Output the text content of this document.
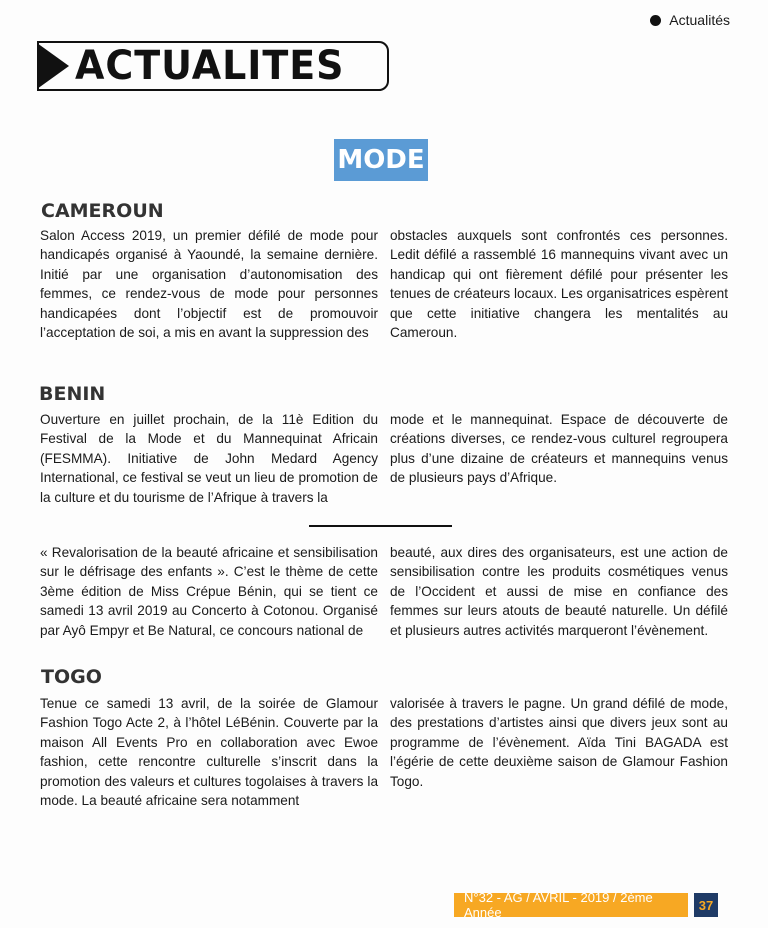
Actualités
ACTUALITES
MODE
CAMEROUN

Salon Access 2019, un premier défilé de mode pour handicapés organisé à Yaoundé, la semaine dernière. Initié par une organisation d’autonomisation des femmes, ce rendez-vous de mode pour personnes handicapées dont l’objectif est de promouvoir l’acceptation de soi, a mis en avant la suppression des

obstacles auxquels sont confrontés ces personnes. Ledit défilé a rassemblé 16 mannequins vivant avec un handicap qui ont fièrement défilé pour présenter les tenues de créateurs locaux. Les organisatrices espèrent que cette initiative changera les mentalités au Cameroun.

BENIN

Ouverture en juillet prochain, de la 11è Edition du Festival de la Mode et du Mannequinat Africain (FESMMA). Initiative de John Medard Agency International, ce festival se veut un lieu de promotion de la culture et du tourisme de l’Afrique à travers la

mode et le mannequinat. Espace de découverte de créations diverses, ce rendez-vous culturel regroupera plus d’une dizaine de créateurs et mannequins venus de plusieurs pays d’Afrique.

« Revalorisation de la beauté africaine et sensibilisation sur le défrisage des enfants ». C’est le thème de cette 3ème édition de Miss Crépue Bénin, qui se tient ce samedi 13 avril 2019 au Concerto à Cotonou. Organisé par Ayô Empyr et Be Natural, ce concours national de

beauté, aux dires des organisateurs, est une action de sensibilisation contre les produits cosmétiques venus de l’Occident et aussi de mise en confiance des femmes sur leurs atouts de beauté naturelle. Un défilé et plusieurs autres activités marqueront l’évènement.

TOGO

Tenue ce samedi 13 avril, de la soirée de Glamour Fashion Togo Acte 2, à l’hôtel LéBénin. Couverte par la maison All Events Pro en collaboration avec Ewoe fashion, cette rencontre culturelle s’inscrit dans la promotion des valeurs et cultures togolaises à travers la mode. La beauté africaine sera notamment

valorisée à travers le pagne. Un grand défilé de mode, des prestations d’artistes ainsi que divers jeux sont au programme de l’évènement. Aïda Tini BAGADA est l’égérie de cette deuxième saison de Glamour Fashion Togo.

N°32 - AG / AVRIL - 2019 / 2ème Année	37
